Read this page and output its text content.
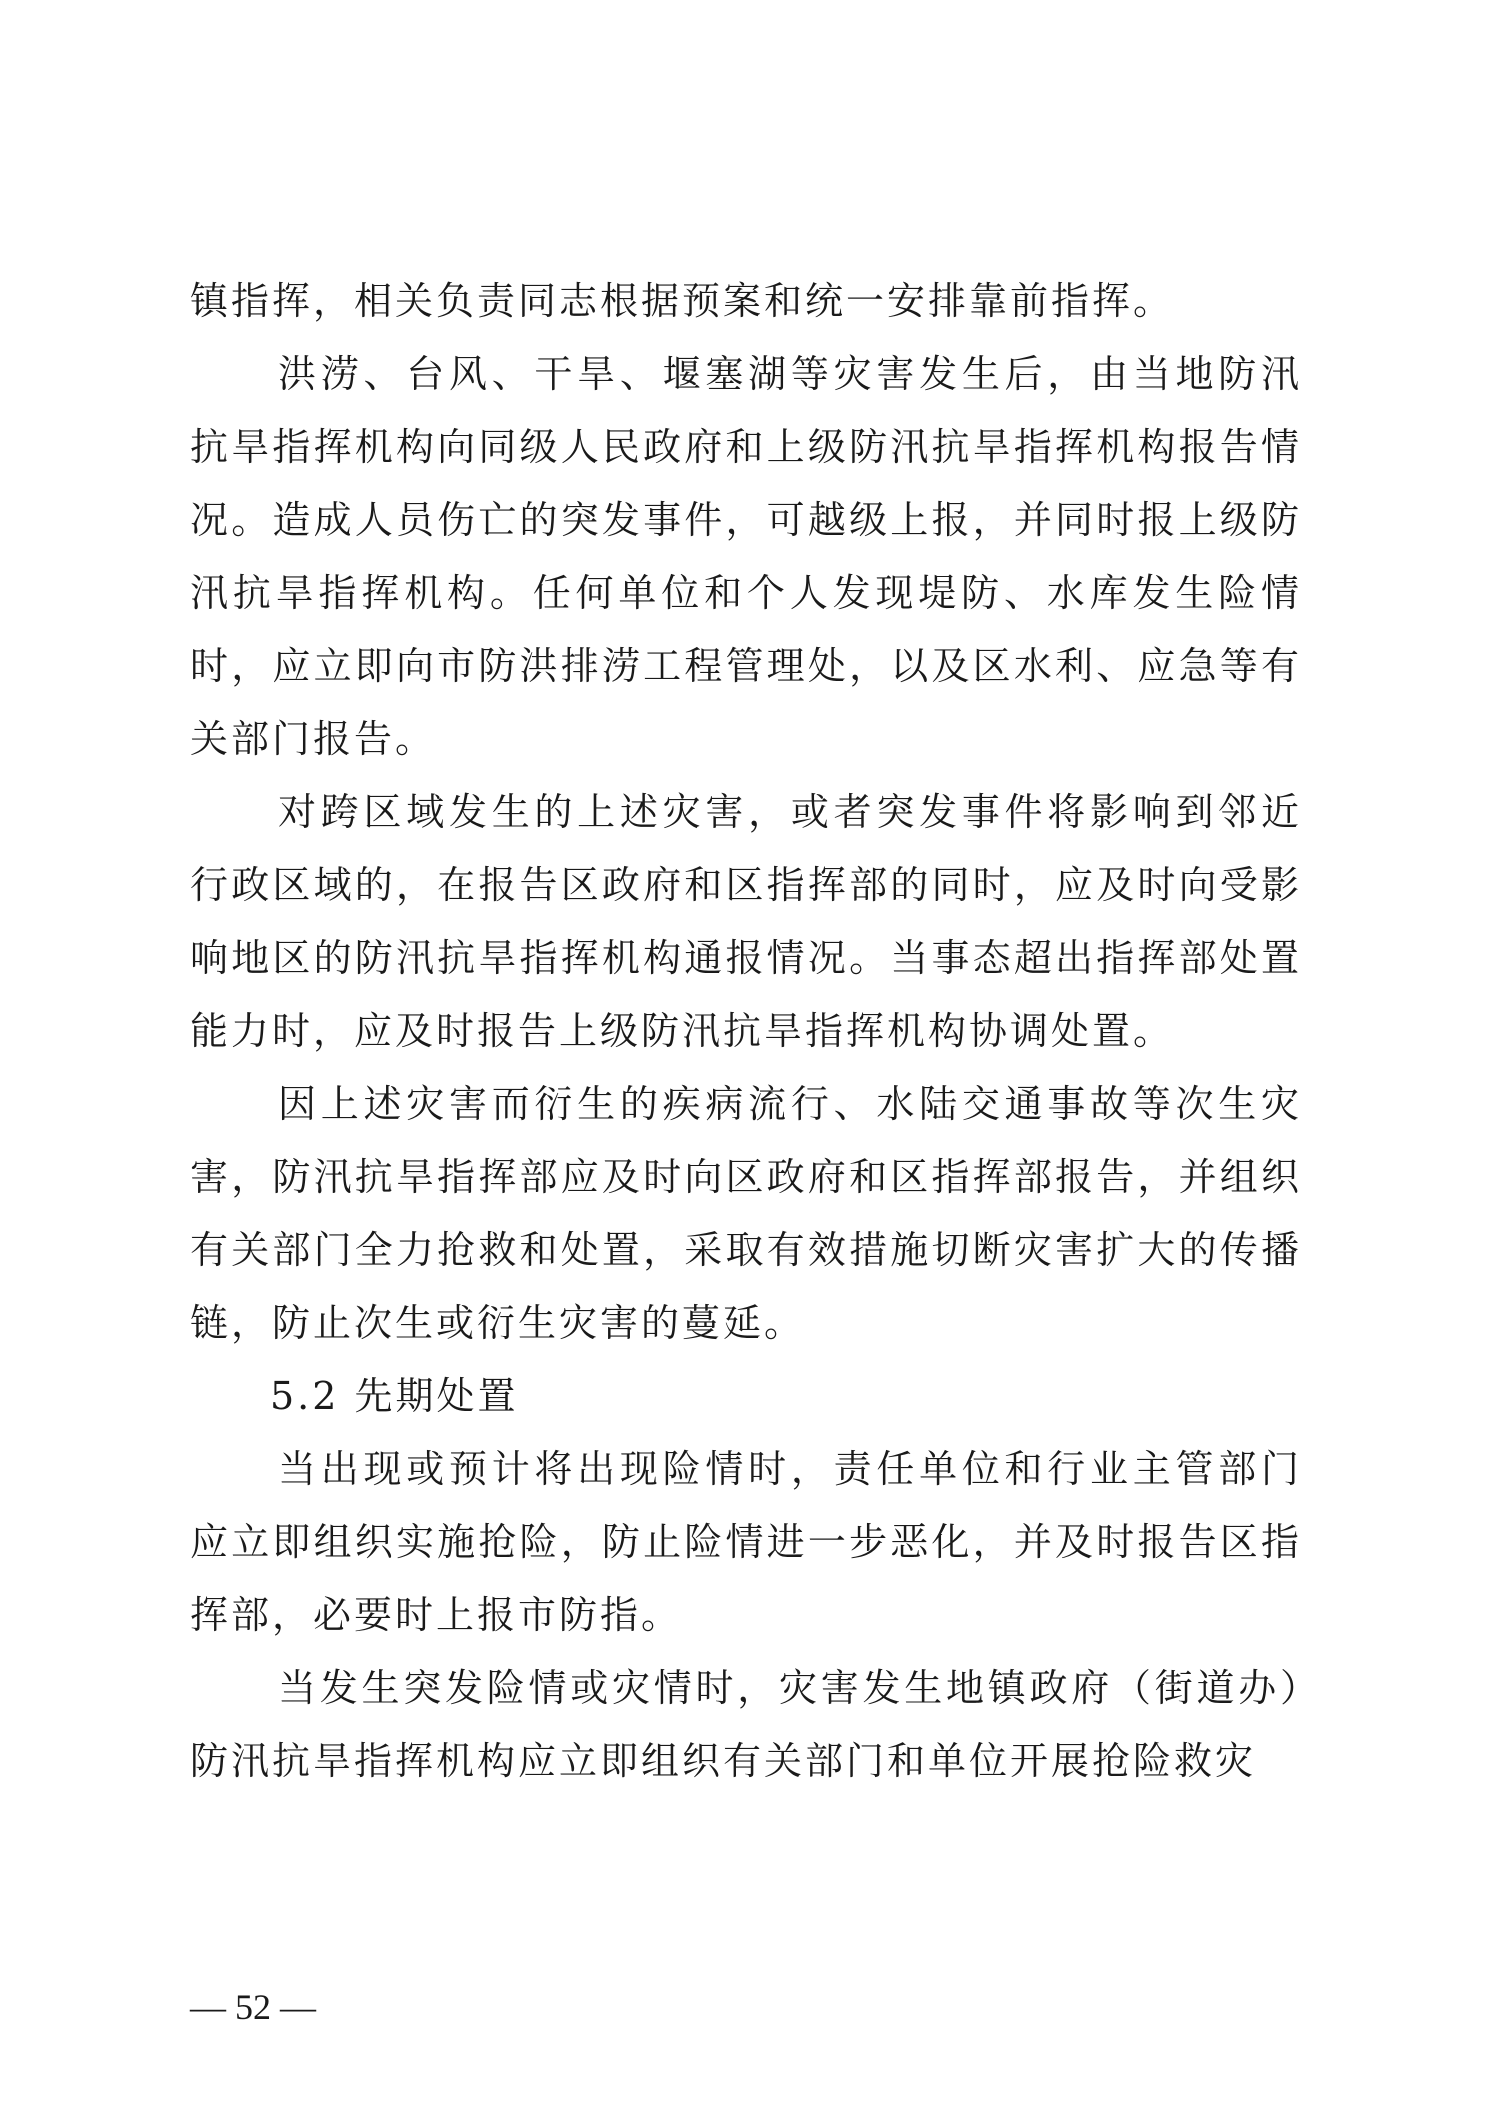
镇指挥，相关负责同志根据预案和统一安排靠前指挥。

洪涝、台风、干旱、堰塞湖等灾害发生后，由当地防汛抗旱指挥机构向同级人民政府和上级防汛抗旱指挥机构报告情况。造成人员伤亡的突发事件，可越级上报，并同时报上级防汛抗旱指挥机构。任何单位和个人发现堤防、水库发生险情时，应立即向市防洪排涝工程管理处，以及区水利、应急等有关部门报告。

对跨区域发生的上述灾害，或者突发事件将影响到邻近行政区域的，在报告区政府和区指挥部的同时，应及时向受影响地区的防汛抗旱指挥机构通报情况。当事态超出指挥部处置能力时，应及时报告上级防汛抗旱指挥机构协调处置。

因上述灾害而衍生的疾病流行、水陆交通事故等次生灾害，防汛抗旱指挥部应及时向区政府和区指挥部报告，并组织有关部门全力抢救和处置，采取有效措施切断灾害扩大的传播链，防止次生或衍生灾害的蔓延。

5.2 先期处置

当出现或预计将出现险情时，责任单位和行业主管部门应立即组织实施抢险，防止险情进一步恶化，并及时报告区指挥部，必要时上报市防指。

当发生突发险情或灾情时，灾害发生地镇政府（街道办）防汛抗旱指挥机构应立即组织有关部门和单位开展抢险救灾

— 52 —
